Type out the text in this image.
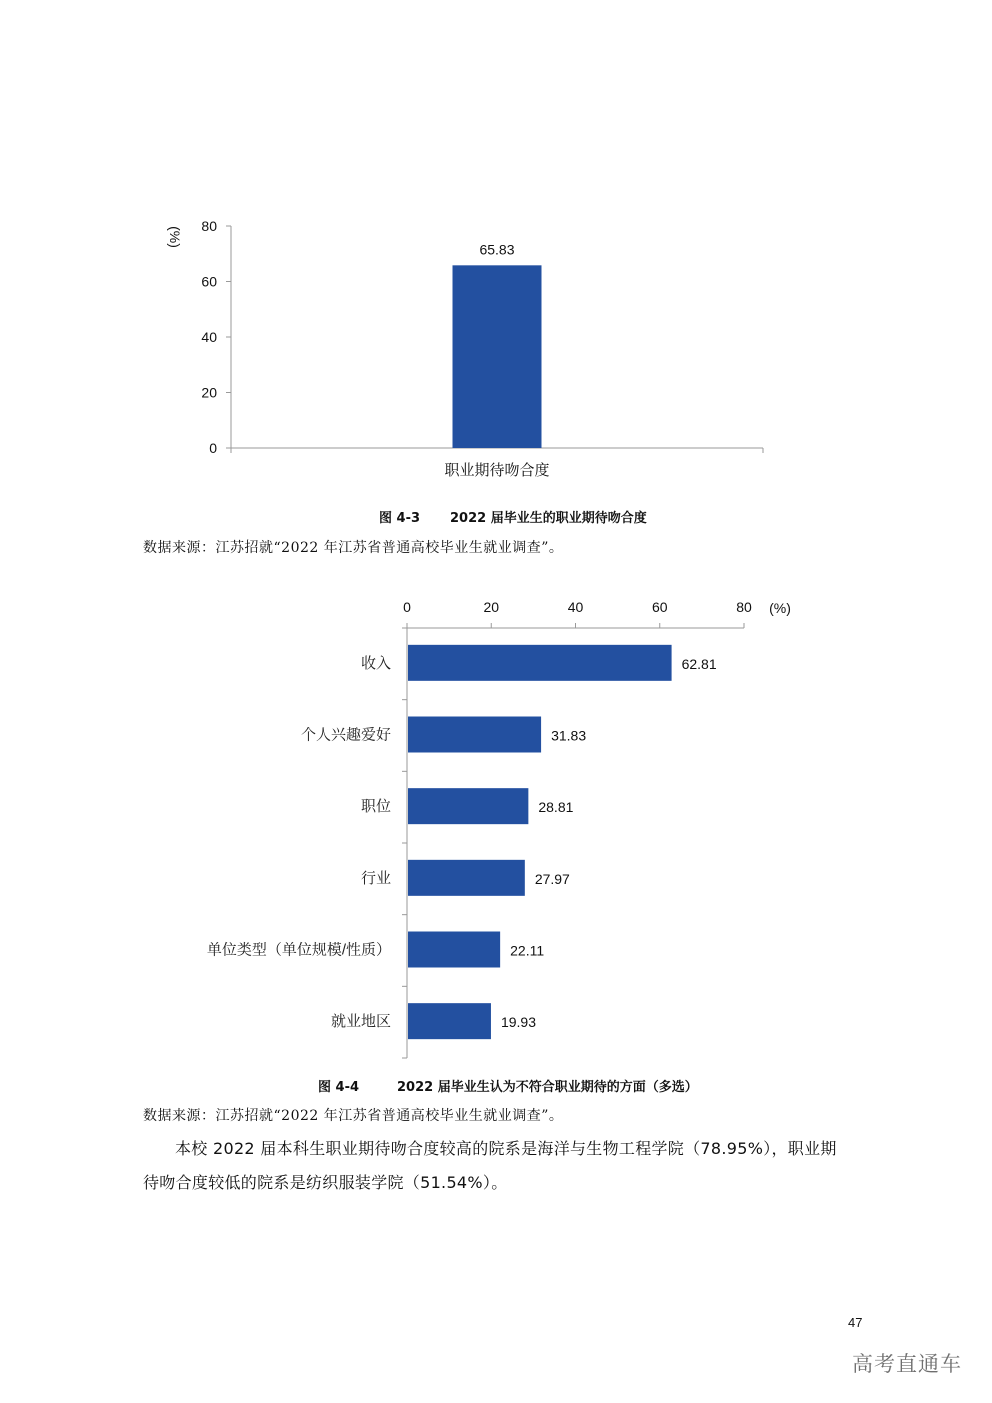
0
20
40
60
80
65.83
职业期待吻合度
(%)
图 4-3 2022 届毕业生的职业期待吻合度
数据来源：江苏招就“2022 年江苏省普通高校毕业生就业调查”。
0	20	40	60	80 (%)
62.81
收入
31.83
个人兴趣爱好
28.81
职位
27.97
行业
22.11
单位类型（单位规模/性质）
19.93
就业地区
图 4-4	2022 届毕业生认为不符合职业期待的方面（多选）
数据来源：江苏招就“2022 年江苏省普通高校毕业生就业调查”。
本校 2022 届本科生职业期待吻合度较高的院系是海洋与生物工程学院（78.95%），职业期
待吻合度较低的院系是纺织服装学院（51.54%）。
47
高考直通车
